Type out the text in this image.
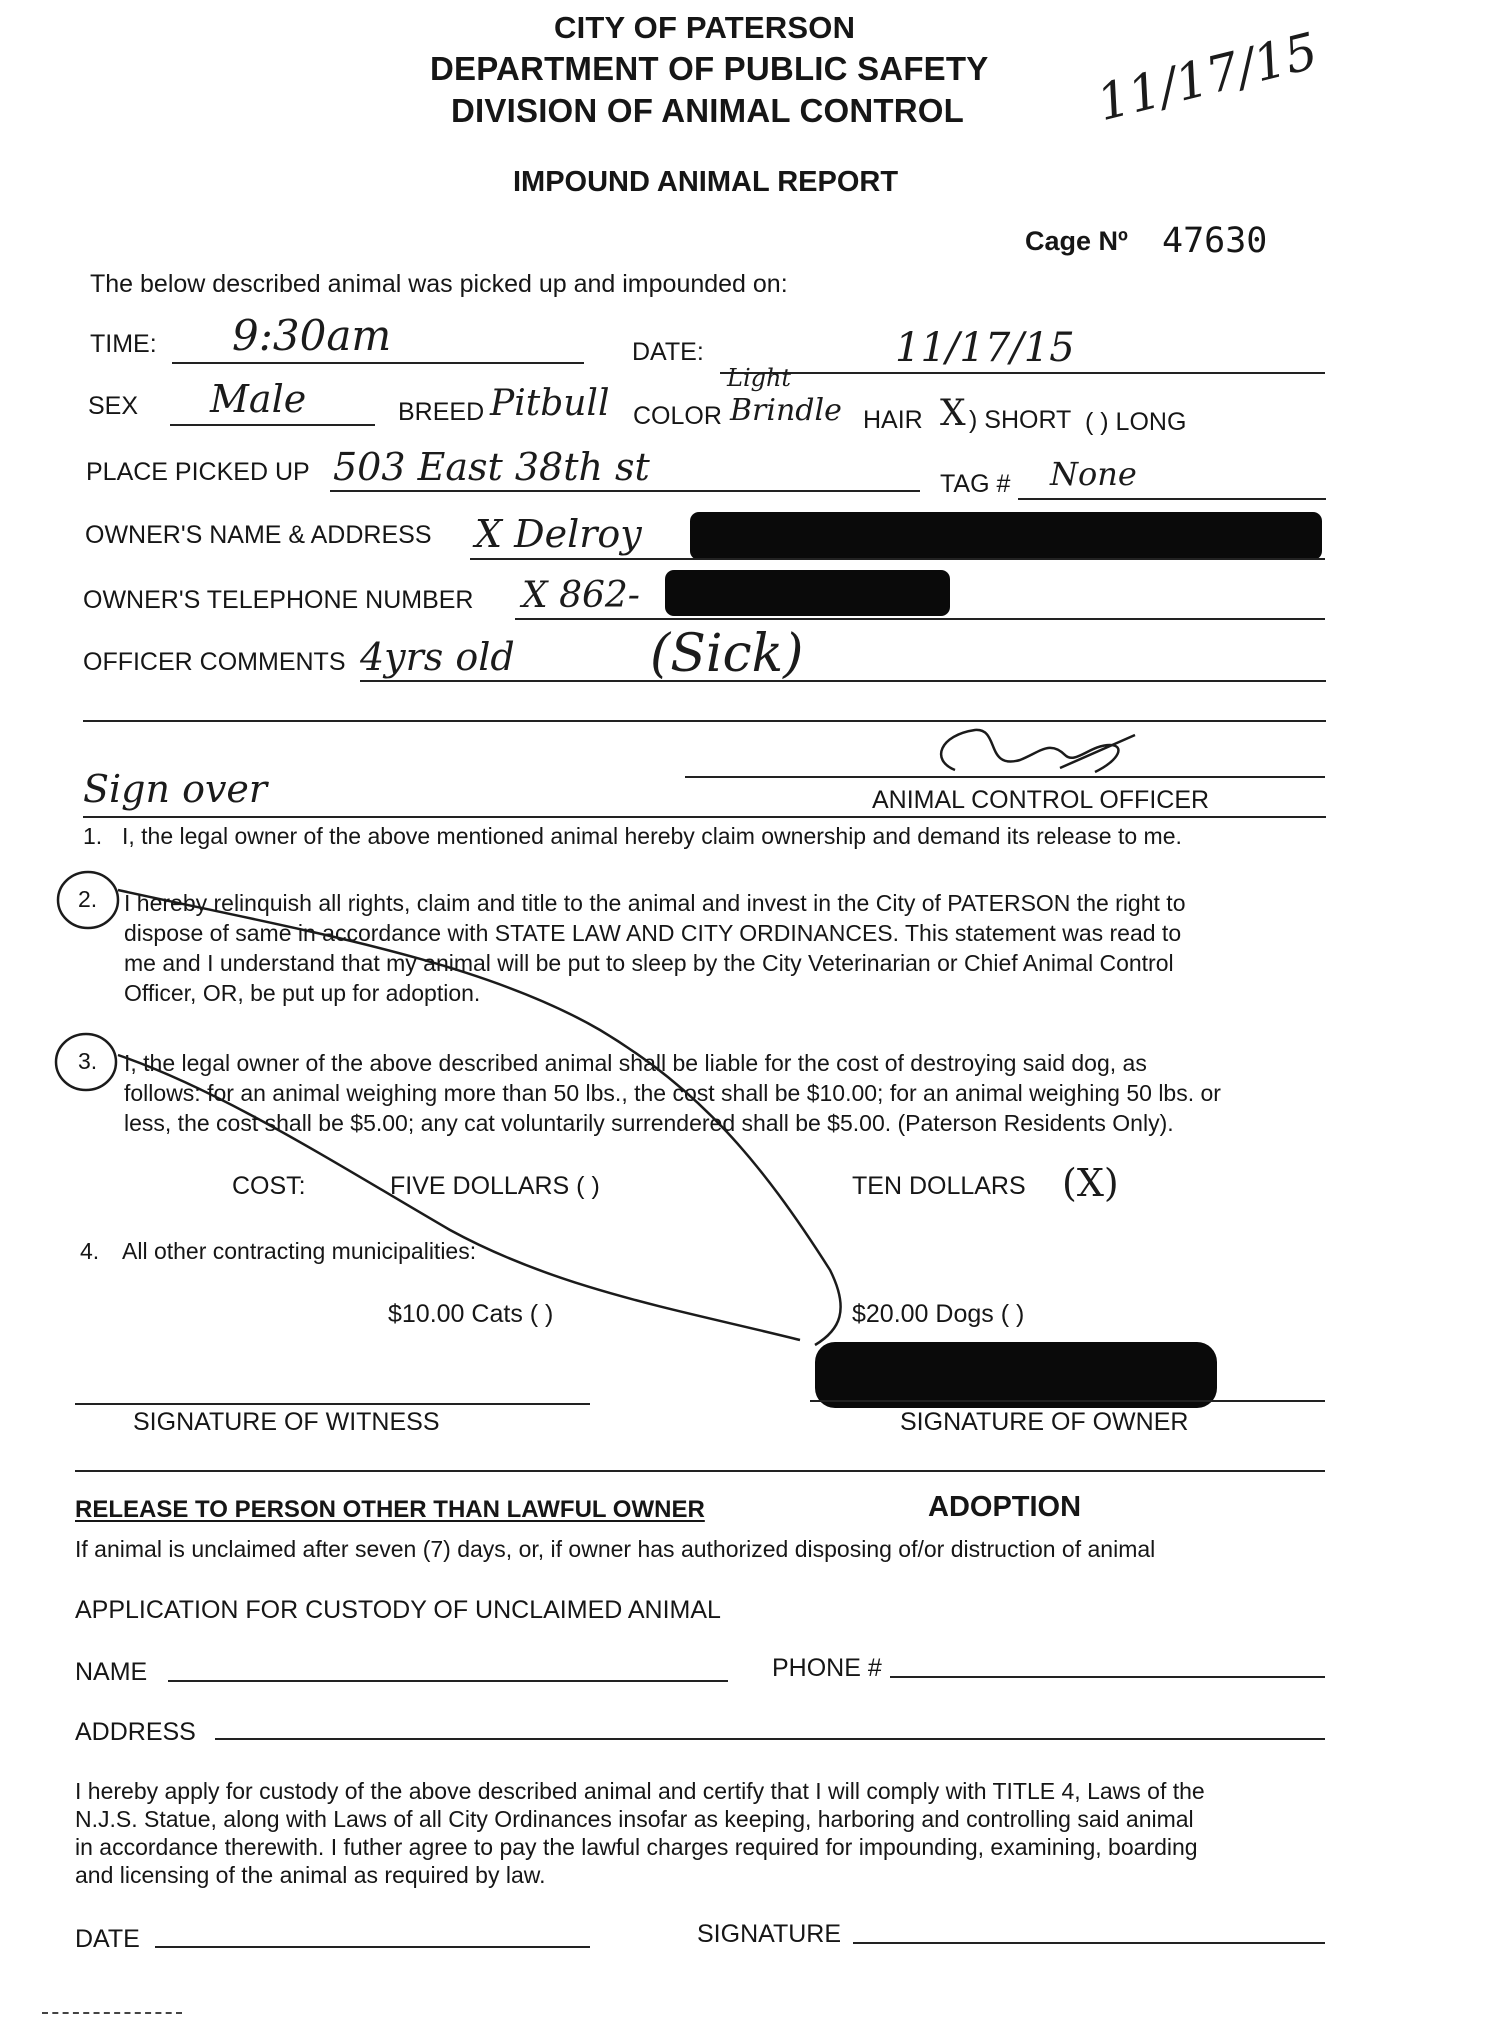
CITY OF PATERSON
DEPARTMENT OF PUBLIC SAFETY
DIVISION OF ANIMAL CONTROL	11/17/15
IMPOUND ANIMAL REPORT
Cage Nº 47630
The below described animal was picked up and impounded on:
TIME: 9:30am	DATE:	11/17/15
SEX Male	BREED Pitbull COLOR
Light
Brindle HAIR X ) SHORT ( ) LONG
PLACE PICKED UP 503 East 38th st	TAG # None
OWNER'S NAME & ADDRESS X Delroy
OWNER'S TELEPHONE NUMBER X 862-
OFFICER COMMENTS 4yrs old	(Sick)
Sign over	ANIMAL CONTROL OFFICER
1. I, the legal owner of the above mentioned animal hereby claim ownership and demand its release to me.
2. I hereby relinquish all rights, claim and title to the animal and invest in the City of PATERSON the right to
dispose of same in accordance with STATE LAW AND CITY ORDINANCES. This statement was read to
me and I understand that my animal will be put to sleep by the City Veterinarian or Chief Animal Control
Officer, OR, be put up for adoption.
3. I, the legal owner of the above described animal shall be liable for the cost of destroying said dog, as
follows: for an animal weighing more than 50 lbs., the cost shall be $10.00; for an animal weighing 50 lbs. or
less, the cost shall be $5.00; any cat voluntarily surrendered shall be $5.00. (Paterson Residents Only).
COST:	FIVE DOLLARS ( )	TEN DOLLARS (X)
4. All other contracting municipalities:
$10.00 Cats ( )	$20.00 Dogs ( )
SIGNATURE OF WITNESS	SIGNATURE OF OWNER
RELEASE TO PERSON OTHER THAN LAWFUL OWNER	ADOPTION
If animal is unclaimed after seven (7) days, or, if owner has authorized disposing of/or distruction of animal
APPLICATION FOR CUSTODY OF UNCLAIMED ANIMAL
NAME	PHONE #
ADDRESS
I hereby apply for custody of the above described animal and certify that I will comply with TITLE 4, Laws of the
N.J.S. Statue, along with Laws of all City Ordinances insofar as keeping, harboring and controlling said animal
in accordance therewith. I futher agree to pay the lawful charges required for impounding, examining, boarding
and licensing of the animal as required by law.
DATE	SIGNATURE
